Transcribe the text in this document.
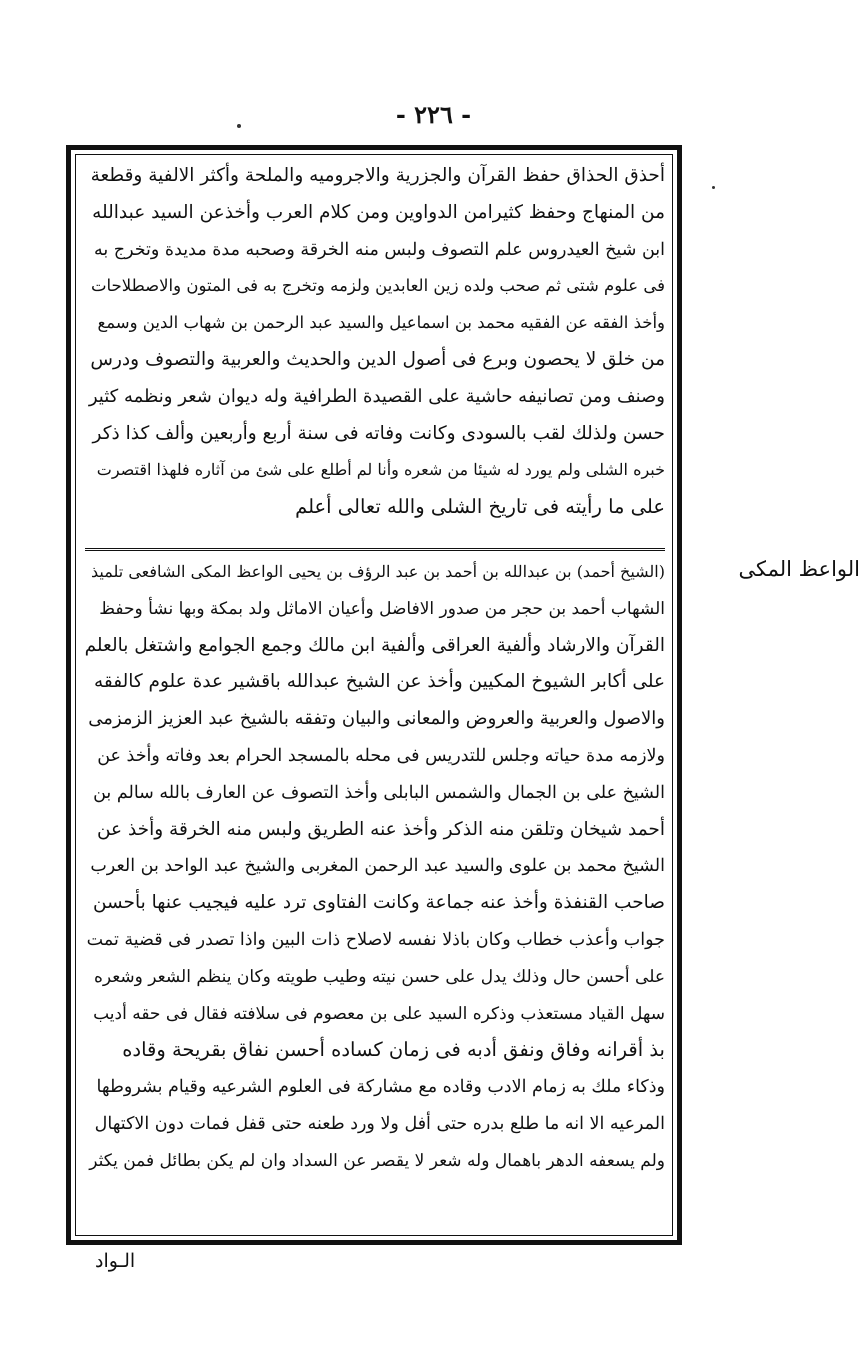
- ٢٢٦ -
أحذق الحذاق حفظ القرآن والجزرية والاجروميه والملحة وأكثر الالفية وقطعة
من المنهاج وحفظ كثيرامن الدواوين ومن كلام العرب وأخذعن السيد عبدالله
ابن شيخ العيدروس علم التصوف ولبس منه الخرقة وصحبه مدة مديدة وتخرج به
فى علوم شتى ثم صحب ولده زين العابدين ولزمه وتخرج به فى المتون والاصطلاحات
وأخذ الفقه عن الفقيه محمد بن اسماعيل والسيد عبد الرحمن بن شهاب الدين وسمع
من خلق لا يحصون وبرع فى أصول الدين والحديث والعربية والتصوف ودرس
وصنف ومن تصانيفه حاشية على القصيدة الطرافية وله ديوان شعر ونظمه كثير
حسن ولذلك لقب بالسودى وكانت وفاته فى سنة أربع وأربعين وألف كذا ذكر
خبره الشلى ولم يورد له شيئا من شعره وأنا لم أطلع على شئ من آثاره فلهذا اقتصرت
على ما رأيته فى تاريخ الشلى والله تعالى أعلم
(الشيخ أحمد) بن عبدالله بن أحمد بن عبد الرؤف بن يحيى الواعظ المكى الشافعى تلميذ
الشهاب أحمد بن حجر من صدور الافاضل وأعيان الاماثل ولد بمكة وبها نشأ وحفظ
القرآن والارشاد وألفية العراقى وألفية ابن مالك وجمع الجوامع واشتغل بالعلم
على أكابر الشيوخ المكيين وأخذ عن الشيخ عبدالله باقشير عدة علوم كالفقه
والاصول والعربية والعروض والمعانى والبيان وتفقه بالشيخ عبد العزيز الزمزمى
ولازمه مدة حياته وجلس للتدريس فى محله بالمسجد الحرام بعد وفاته وأخذ عن
الشيخ على بن الجمال والشمس البابلى وأخذ التصوف عن العارف بالله سالم بن
أحمد شيخان وتلقن منه الذكر وأخذ عنه الطريق ولبس منه الخرقة وأخذ عن
الشيخ محمد بن علوى والسيد عبد الرحمن المغربى والشيخ عبد الواحد بن العرب
صاحب القنفذة وأخذ عنه جماعة وكانت الفتاوى ترد عليه فيجيب عنها بأحسن
جواب وأعذب خطاب وكان باذلا نفسه لاصلاح ذات البين واذا تصدر فى قضية تمت
على أحسن حال وذلك يدل على حسن نيته وطيب طويته وكان ينظم الشعر وشعره
سهل القياد مستعذب وذكره السيد على بن معصوم فى سلافته فقال فى حقه أديب
بذ أقرانه وفاق ونفق أدبه فى زمان كساده أحسن نفاق بقريحة وقاده
وذكاء ملك به زمام الادب وقاده مع مشاركة فى العلوم الشرعيه وقيام بشروطها
المرعيه الا انه ما طلع بدره حتى أفل ولا ورد طعنه حتى قفل فمات دون الاكتهال
ولم يسعفه الدهر باهمال وله شعر لا يقصر عن السداد وان لم يكن بطائل فمن يكثر
الواعظ المكى
الـواد
